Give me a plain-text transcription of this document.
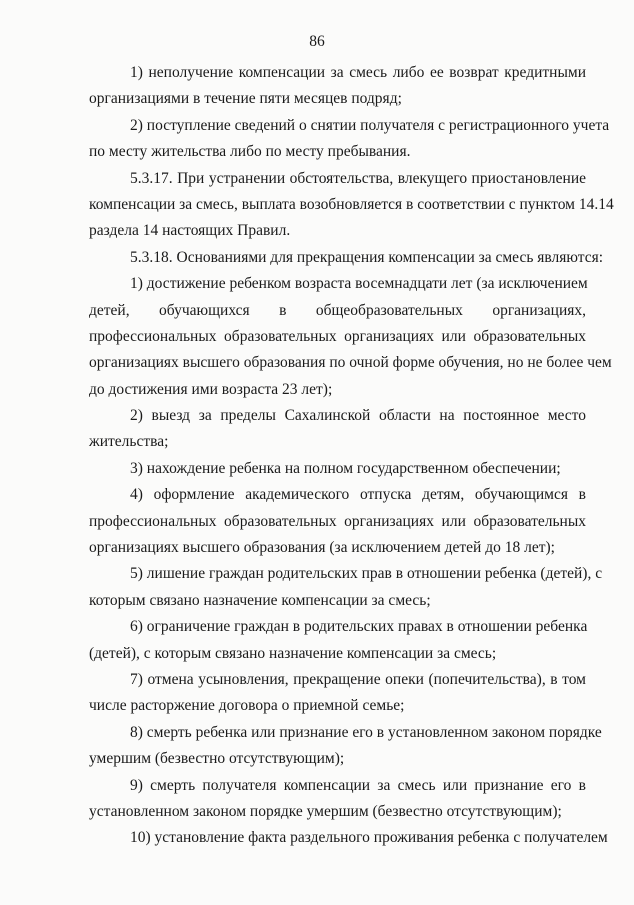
86
1) неполучение компенсации за смесь либо ее возврат кредитными
организациями в течение пяти месяцев подряд;
2) поступление сведений о снятии получателя с регистрационного учета
по месту жительства либо по месту пребывания.
5.3.17. При устранении обстоятельства, влекущего приостановление
компенсации за смесь, выплата возобновляется в соответствии с пунктом 14.14
раздела 14 настоящих Правил.
5.3.18. Основаниями для прекращения компенсации за смесь являются:
1) достижение ребенком возраста восемнадцати лет (за исключением
детей, обучающихся в общеобразовательных организациях,
профессиональных образовательных организациях или образовательных
организациях высшего образования по очной форме обучения, но не более чем
до достижения ими возраста 23 лет);
2) выезд за пределы Сахалинской области на постоянное место
жительства;
3) нахождение ребенка на полном государственном обеспечении;
4) оформление академического отпуска детям, обучающимся в
профессиональных образовательных организациях или образовательных
организациях высшего образования (за исключением детей до 18 лет);
5) лишение граждан родительских прав в отношении ребенка (детей), с
которым связано назначение компенсации за смесь;
6) ограничение граждан в родительских правах в отношении ребенка
(детей), с которым связано назначение компенсации за смесь;
7) отмена усыновления, прекращение опеки (попечительства), в том
числе расторжение договора о приемной семье;
8) смерть ребенка или признание его в установленном законом порядке
умершим (безвестно отсутствующим);
9) смерть получателя компенсации за смесь или признание его в
установленном законом порядке умершим (безвестно отсутствующим);
10) установление факта раздельного проживания ребенка с получателем
